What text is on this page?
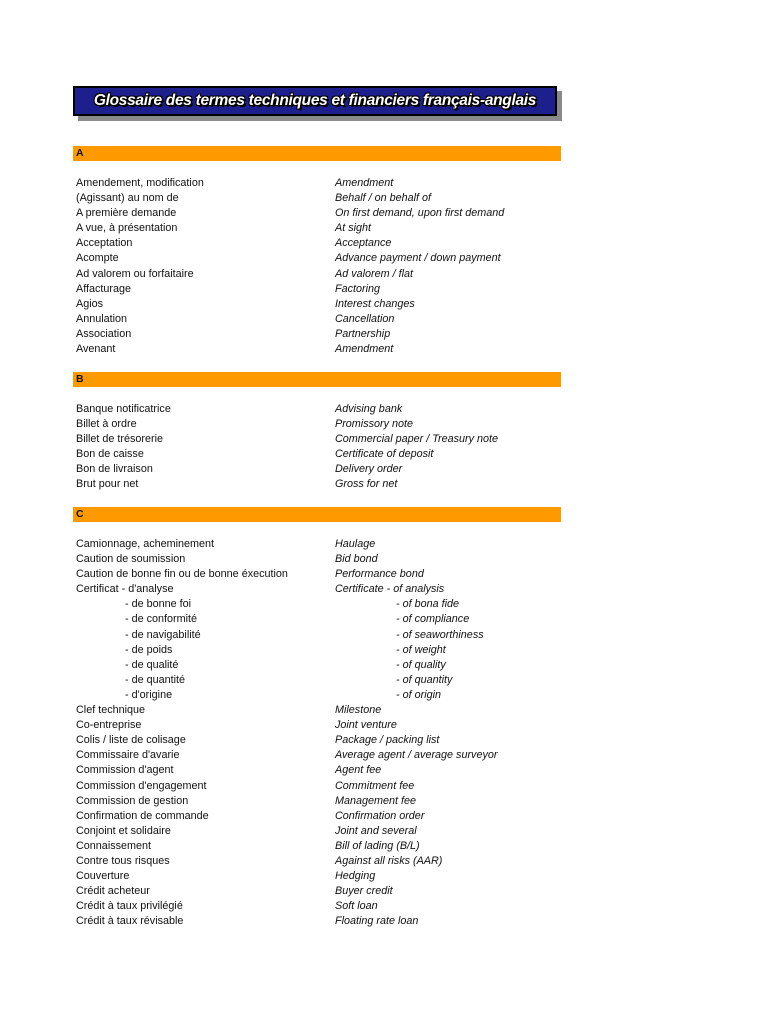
Glossaire des termes techniques et financiers français-anglais
A
Amendement, modification	Amendment
(Agissant) au nom de	Behalf / on behalf of
A première demande	On first demand, upon first demand
A vue, à présentation	At sight
Acceptation	Acceptance
Acompte	Advance payment / down payment
Ad valorem ou forfaitaire	Ad valorem / flat
Affacturage	Factoring
Agios	Interest changes
Annulation	Cancellation
Association	Partnership
Avenant	Amendment
B
Banque notificatrice	Advising bank
Billet à ordre	Promissory note
Billet de trésorerie	Commercial paper / Treasury note
Bon de caisse	Certificate of deposit
Bon de livraison	Delivery order
Brut pour net	Gross for net
C
Camionnage, acheminement	Haulage
Caution de soumission	Bid bond
Caution de bonne fin ou de bonne éxecution	Performance bond
Certificat - d'analyse	Certificate - of analysis
- de bonne foi	- of bona fide
- de conformité	- of compliance
- de navigabilité	- of seaworthiness
- de poids	- of weight
- de qualité	- of quality
- de quantité	- of quantity
- d'origine	- of origin
Clef technique	Milestone
Co-entreprise	Joint venture
Colis / liste de colisage	Package / packing list
Commissaire d'avarie	Average agent / average surveyor
Commission d'agent	Agent fee
Commission d'engagement	Commitment fee
Commission de gestion	Management fee
Confirmation de commande	Confirmation order
Conjoint et solidaire	Joint and several
Connaissement	Bill of lading (B/L)
Contre tous risques	Against all risks (AAR)
Couverture	Hedging
Crédit acheteur	Buyer credit
Crédit à taux privilégié	Soft loan
Crédit à taux révisable	Floating rate loan
